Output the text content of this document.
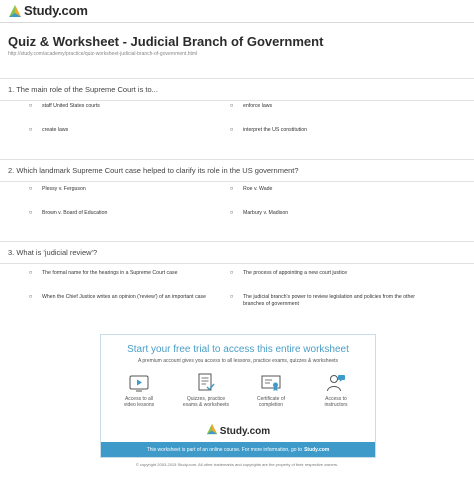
Study.com
Quiz & Worksheet - Judicial Branch of Government
http://study.com/academy/practice/quiz-worksheet-judicial-branch-of-government.html
1. The main role of the Supreme Court is to...
○	staff United States courts	○	enforce laws
○	create laws	○	interpret the US constitution
2. Which landmark Supreme Court case helped to clarify its role in the US government?
○	Plessy v. Ferguson	○	Roe v. Wade
○	Brown v. Board of Education	○	Marbury v. Madison
3. What is 'judicial review'?
○	The formal name for the hearings in a Supreme Court case	○	The process of appointing a new court justice
○	When the Chief Justice writes an opinion ('review') of an important case	○	The judicial branch's power to review legislation and policies from the other branches of government
Start your free trial to access this entire worksheet
A premium account gives you access to all lessons, practice exams, quizzes & worksheets
Access to all
video lessons
Quizzes, practice
exams & worksheets
Certificate of
completion
Access to
instructors
Study.com
This worksheet is part of an online course. For more information, go to Study.com
© copyright 2003-2015 Study.com. All other trademarks and copyrights are the property of their respective owners.
